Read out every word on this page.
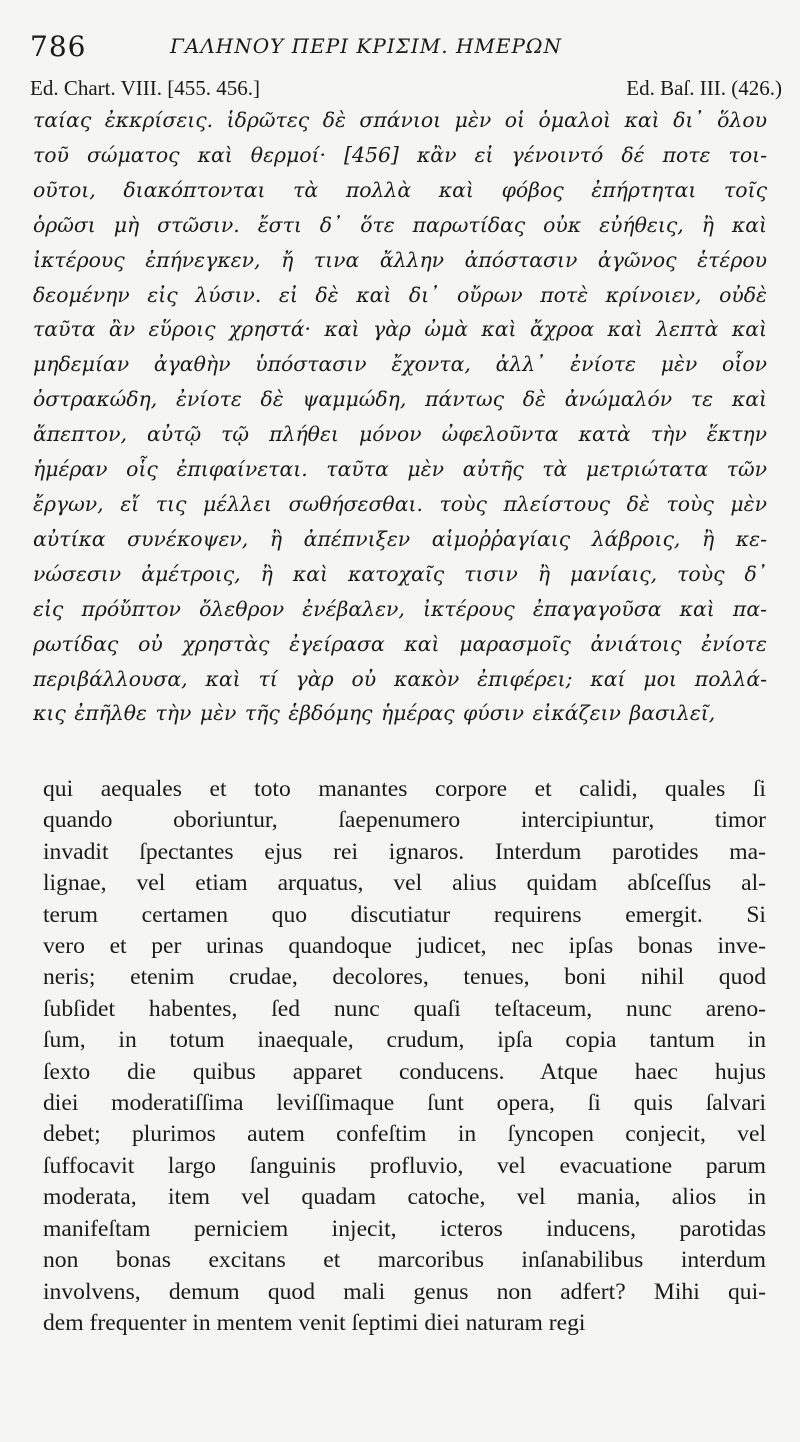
786	ΓΑΛΗΝΟΥ ΠΕΡΙ ΚΡΙΣΙΜ. ΗΜΕΡΩΝ
Ed. Chart. VIII. [455. 456.]	Ed. Baſ. III. (426.)
ταίας ἐκκρίσεις. ἱδρῶτες δὲ σπάνιοι μὲν οἱ ὁμαλοὶ καὶ δι᾽ ὅλου
τοῦ σώματος καὶ θερμοί· [456] κἂν εἰ γένοιντό δέ ποτε τοι-
οῦτοι, διακόπτονται τὰ πολλὰ καὶ φόβος ἐπήρτηται τοῖς
ὁρῶσι μὴ στῶσιν. ἔστι δ᾽ ὅτε παρωτίδας οὐκ εὐήθεις, ἢ καὶ
ἰκτέρους ἐπήνεγκεν, ἤ τινα ἄλλην ἀπόστασιν ἀγῶνος ἑτέρου
δεομένην εἰς λύσιν. εἰ δὲ καὶ δι᾽ οὔρων ποτὲ κρίνοιεν, οὐδὲ
ταῦτα ἂν εὕροις χρηστά· καὶ γὰρ ὠμὰ καὶ ἄχροα καὶ λεπτὰ καὶ
μηδεμίαν ἀγαθὴν ὑπόστασιν ἔχοντα, ἀλλ᾽ ἐνίοτε μὲν οἷον
ὀστρακώδη, ἐνίοτε δὲ ψαμμώδη, πάντως δὲ ἀνώμαλόν τε καὶ
ἄπεπτον, αὐτῷ τῷ πλήθει μόνον ὠφελοῦντα κατὰ τὴν ἕκτην
ἡμέραν οἷς ἐπιφαίνεται. ταῦτα μὲν αὐτῆς τὰ μετριώτατα τῶν
ἔργων, εἴ τις μέλλει σωθήσεσθαι. τοὺς πλείστους δὲ τοὺς μὲν
αὐτίκα συνέκοψεν, ἢ ἀπέπνιξεν αἱμοῤῥαγίαις λάβροις, ἢ κε-
νώσεσιν ἀμέτροις, ἢ καὶ κατοχαῖς τισιν ἢ μανίαις, τοὺς δ᾽
εἰς πρόὔπτον ὄλεθρον ἐνέβαλεν, ἰκτέρους ἐπαγαγοῦσα καὶ πα-
ρωτίδας οὐ χρηστὰς ἐγείρασα καὶ μαρασμοῖς ἀνιάτοις ἐνίοτε
περιβάλλουσα, καὶ τί γὰρ οὐ κακὸν ἐπιφέρει; καί μοι πολλά-
κις ἐπῆλθε τὴν μὲν τῆς ἑβδόμης ἡμέρας φύσιν εἰκάζειν βασιλεῖ,
qui aequales et toto manantes corpore et calidi, quales ſi
quando oboriuntur, ſaepenumero intercipiuntur, timor
invadit ſpectantes ejus rei ignaros. Interdum parotides ma-
lignae, vel etiam arquatus, vel alius quidam abſceſſus al-
terum certamen quo discutiatur requirens emergit. Si
vero et per urinas quandoque judicet, nec ipſas bonas inve-
neris; etenim crudae, decolores, tenues, boni nihil quod
ſubſidet habentes, ſed nunc quaſi teſtaceum, nunc areno-
ſum, in totum inaequale, crudum, ipſa copia tantum in
ſexto die quibus apparet conducens. Atque haec hujus
diei moderatiſſima leviſſimaque ſunt opera, ſi quis ſalvari
debet; plurimos autem confeſtim in ſyncopen conjecit, vel
ſuffocavit largo ſanguinis profluvio, vel evacuatione parum
moderata, item vel quadam catoche, vel mania, alios in
manifeſtam perniciem injecit, icteros inducens, parotidas
non bonas excitans et marcoribus inſanabilibus interdum
involvens, demum quod mali genus non adfert? Mihi qui-
dem frequenter in mentem venit ſeptimi diei naturam regi
